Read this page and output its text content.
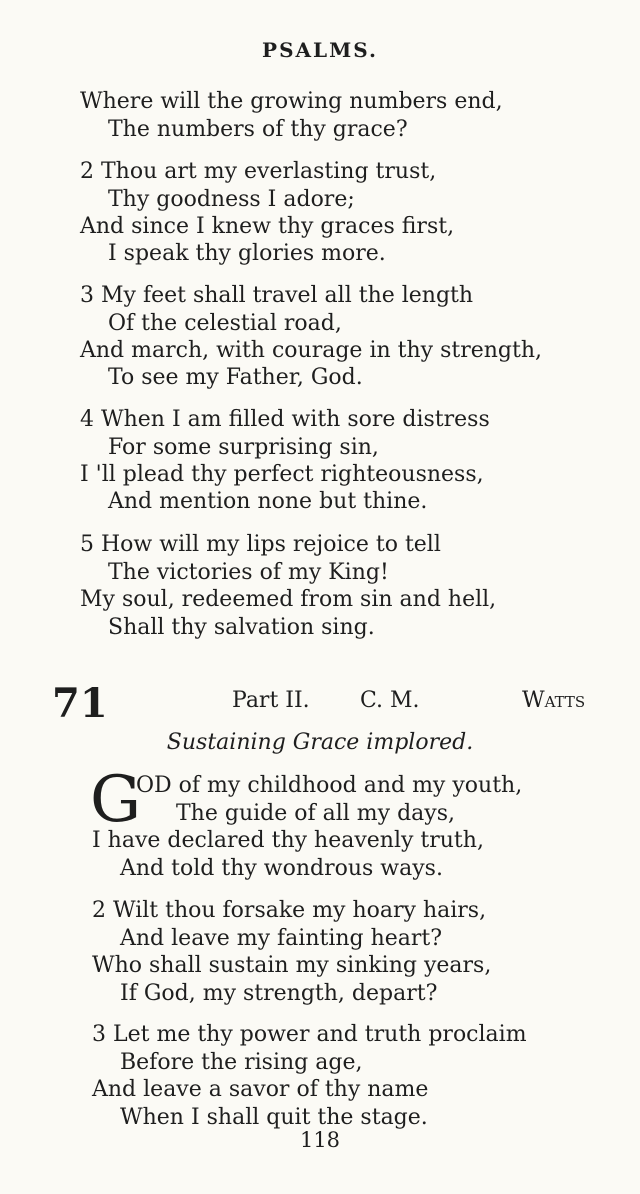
PSALMS.
Where will the growing numbers end,
The numbers of thy grace?
2 Thou art my everlasting trust,
Thy goodness I adore;
And since I knew thy graces first,
I speak thy glories more.
3 My feet shall travel all the length
Of the celestial road,
And march, with courage in thy strength,
To see my Father, God.
4 When I am filled with sore distress
For some surprising sin,
I 'll plead thy perfect righteousness,
And mention none but thine.
5 How will my lips rejoice to tell
The victories of my King!
My soul, redeemed from sin and hell,
Shall thy salvation sing.
71	Part II. C. M.	Watts
Sustaining Grace implored.
G
OD of my childhood and my youth,
The guide of all my days,
I have declared thy heavenly truth,
And told thy wondrous ways.
2 Wilt thou forsake my hoary hairs,
And leave my fainting heart?
Who shall sustain my sinking years,
If God, my strength, depart?
3 Let me thy power and truth proclaim
Before the rising age,
And leave a savor of thy name
When I shall quit the stage.
118
